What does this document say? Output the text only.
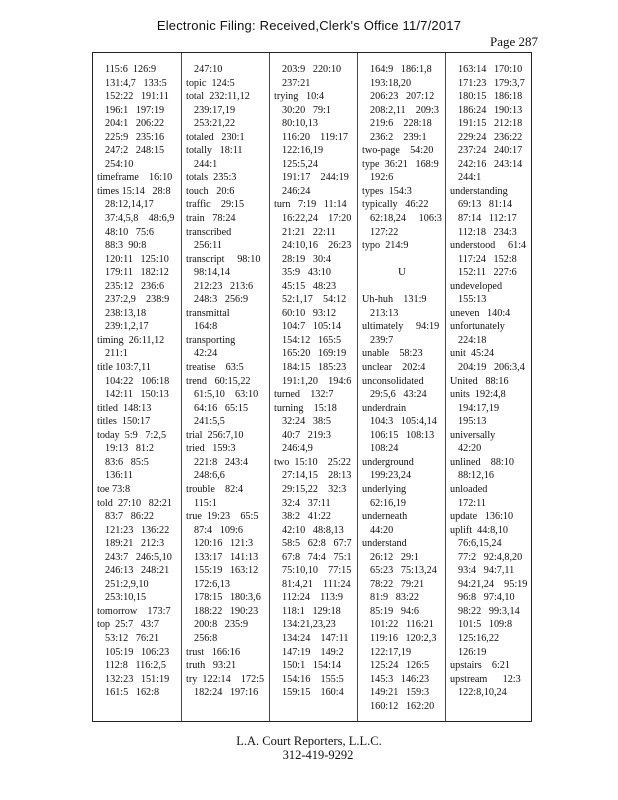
Electronic Filing: Received,Clerk's Office 11/7/2017
Page 287
115:6  126:9
131:4,7   133:5
152:22   191:11
196:1   197:19
204:1   206:22
225:9   235:16
247:2   248:15
254:10
timeframe    16:10
times 15:14   28:8
28:12,14,17
37:4,5,8    48:6,9
48:10   75:6
88:3  90:8
120:11   125:10
179:11   182:12
235:12   236:6
237:2,9    238:9
238:13,18
239:1,2,17
timing  26:11,12
211:1
title 103:7,11
104:22   106:18
142:11   150:13
titled  148:13
titles  150:17
today  5:9   7:2,5
19:13   81:2
83:6   85:5
136:11
toe 73:8
told  27:10   82:21
83:7   86:22
121:23   136:22
189:21   212:3
243:7   246:5,10
246:13   248:21
251:2,9,10
253:10,15
tomorrow    173:7
top  25:7   43:7
53:12   76:21
105:19   106:23
112:8   116:2,5
132:23   151:19
161:5   162:8
247:10
topic  124:5
total  232:11,12
239:17,19
253:21,22
totaled   230:1
totally   18:11
244:1
totals  235:3
touch   20:6
traffic    29:15
train   78:24
transcribed
256:11
transcript     98:10
98:14,14
212:23   213:6
248:3   256:9
transmittal
164:8
transporting
42:24
treatise    63:5
trend   60:15,22
61:5,10    63:10
64:16   65:15
241:5,5
trial  256:7,10
tried   159:3
221:8   243:4
248:6,6
trouble    82:4
115:1
true  19:23    65:5
87:4   109:6
120:16   121:3
133:17   141:13
155:19   163:12
172:6,13
178:15   180:3,6
188:22   190:23
200:8   235:9
256:8
trust   166:16
truth   93:21
try  122:14    172:5
182:24   197:16
203:9   220:10
237:21
trying   10:4
30:20   79:1
80:10,13
116:20    119:17
122:16,19
125:5,24
191:17    244:19
246:24
turn   7:19   11:14
16:22,24    17:20
21:21   22:11
24:10,16    26:23
28:19   30:4
35:9   43:10
45:15   48:23
52:1,17    54:12
60:10   93:12
104:7   105:14
154:12   165:5
165:20   169:19
184:15   185:23
191:1,20    194:6
turned    132:7
turning    15:18
32:24   38:5
40:7   219:3
246:4,9
two  15:10    25:22
27:14,15    28:13
29:15,22    32:3
32:4   37:11
38:2   41:22
42:10   48:8,13
58:5   62:8   67:7
67:8   74:4   75:1
75:10,10    77:15
81:4,21    111:24
112:24    113:9
118:1   129:18
134:21,23,23
134:24    147:11
147:19    149:2
150:1   154:14
154:16    155:5
159:15    160:4
164:9   186:1,8
193:18,20
206:23   207:12
208:2,11    209:3
219:6    228:18
236:2    239:1
two-page    54:20
type  36:21   168:9
192:6
types  154:3
typically   46:22
62:18,24     106:3
127:22
typo  214:9

U

Uh-huh    131:9
213:13
ultimately     94:19
239:7
unable    58:23
unclear    202:4
unconsolidated
29:5,6   43:24
underdrain
104:3   105:4,14
106:15   108:13
108:24
underground
199:23,24
underlying
62:16,19
underneath
44:20
understand
26:12   29:1
65:23   75:13,24
78:22   79:21
81:9   83:22
85:19   94:6
101:22   116:21
119:16   120:2,3
122:17,19
125:24   126:5
145:3   146:23
149:21   159:3
160:12   162:20
163:14   170:10
171:23   179:3,7
180:15   186:18
186:24   190:13
191:15   212:18
229:24   236:22
237:24   240:17
242:16   243:14
244:1
understanding
69:13   81:14
87:14   112:17
112:18   234:3
understood     61:4
117:24   152:8
152:11   227:6
undeveloped
155:13
uneven   140:4
unfortunately
224:18
unit  45:24
204:19   206:3,4
United   88:16
units  192:4,8
194:17,19
195:13
universally
42:20
unlined    88:10
88:12,16
unloaded
172:11
update   136:10
uplift  44:8,10
76:6,15,24
77:2   92:4,8,20
93:4   94:7,11
94:21,24    95:19
96:8   97:4,10
98:22   99:3,14
101:5   109:8
125:16,22
126:19
upstairs    6:21
upstream      12:3
122:8,10,24
L.A. Court Reporters, L.L.C.
312-419-9292
